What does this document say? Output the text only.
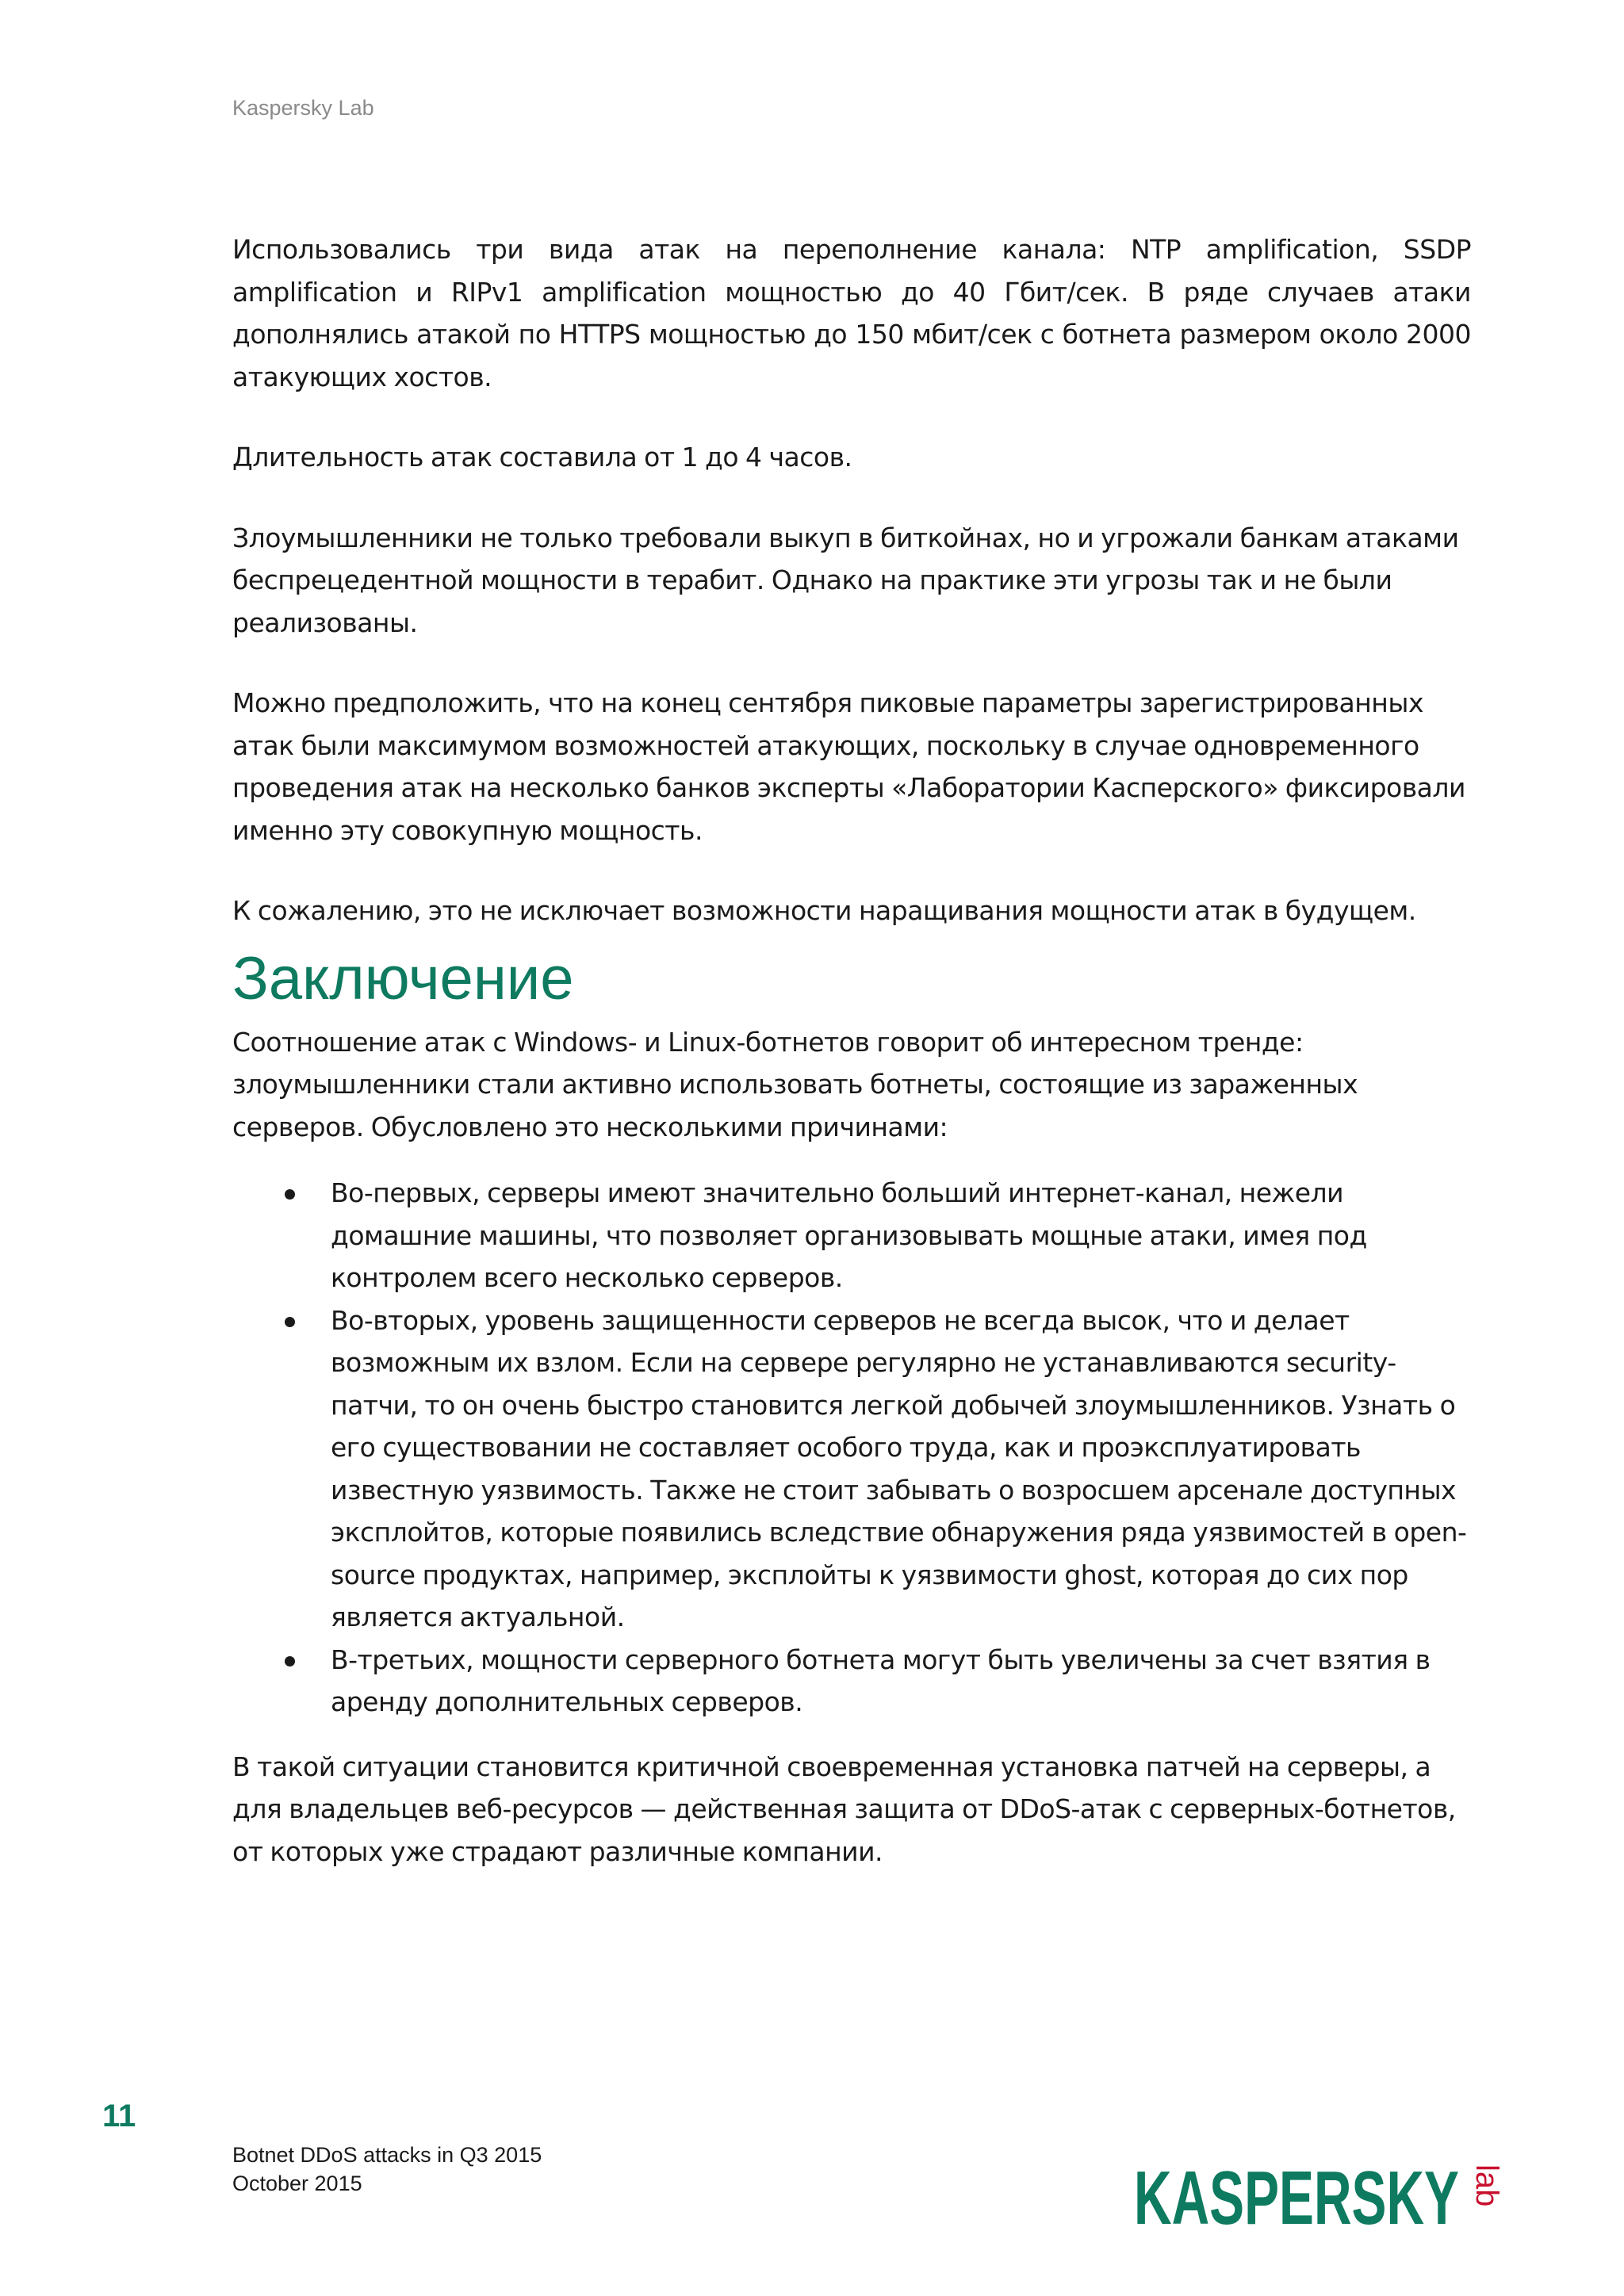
Kaspersky Lab

Использовались три вида атак на переполнение канала: NTP amplification, SSDP amplification и RIPv1 amplification мощностью до 40 Гбит/сек. В ряде случаев атаки дополнялись атакой по HTTPS мощностью до 150 мбит/сек с ботнета размером около 2000 атакующих хостов.

Длительность атак составила от 1 до 4 часов.

Злоумышленники не только требовали выкуп в биткойнах, но и угрожали банкам атаками беспрецедентной мощности в терабит. Однако на практике эти угрозы так и не были реализованы.

Можно предположить, что на конец сентября пиковые параметры зарегистрированных атак были максимумом возможностей атакующих, поскольку в случае одновременного проведения атак на несколько банков эксперты «Лаборатории Касперского» фиксировали именно эту совокупную мощность.

К сожалению, это не исключает возможности наращивания мощности атак в будущем.

Заключение

Соотношение атак с Windows- и Linux-ботнетов говорит об интересном тренде: злоумышленники стали активно использовать ботнеты, состоящие из зараженных серверов. Обусловлено это несколькими причинами:

Во-первых, серверы имеют значительно больший интернет-канал, нежели домашние машины, что позволяет организовывать мощные атаки, имея под контролем всего несколько серверов.
Во-вторых, уровень защищенности серверов не всегда высок, что и делает возможным их взлом. Если на сервере регулярно не устанавливаются security-патчи, то он очень быстро становится легкой добычей злоумышленников. Узнать о его существовании не составляет особого труда, как и проэксплуатировать известную уязвимость. Также не стоит забывать о возросшем арсенале доступных эксплойтов, которые появились вследствие обнаружения ряда уязвимостей в open-source продуктах, например, эксплойты к уязвимости ghost, которая до сих пор является актуальной.
В-третьих, мощности серверного ботнета могут быть увеличены за счет взятия в аренду дополнительных серверов.

В такой ситуации становится критичной своевременная установка патчей на серверы, а для владельцев веб-ресурсов — действенная защита от DDoS-атак с серверных-ботнетов, от которых уже страдают различные компании.

11
Botnet DDoS attacks in Q3 2015
October 2015	KASPERSKY lab
